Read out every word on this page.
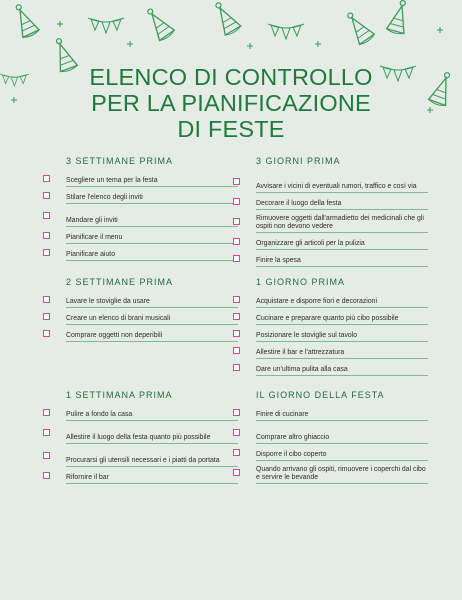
ELENCO DI CONTROLLO
PER LA PIANIFICAZIONE
DI FESTE
3 SETTIMANE PRIMA
Scegliere un tema per la festa
Stilare l'elenco degli inviti
Mandare gli inviti
Pianificare il menu
Pianificare aiuto
3 GIORNI PRIMA
Avvisare i vicini di eventuali rumori, traffico e così via
Decorare il luogo della festa
Rimuovere oggetti dall'armadietto dei medicinali che gli ospiti non devono vedere
Organizzare gli articoli per la pulizia
Finire la spesa
2 SETTIMANE PRIMA
Lavare le stoviglie da usare
Creare un elenco di brani musicali
Comprare oggetti non deperibili
1 GIORNO PRIMA
Acquistare e disporre fiori e decorazioni
Cucinare e preparare quanto più cibo possibile
Posizionare le stoviglie sul tavolo
Allestire il bar e l'attrezzatura
Dare un'ultima pulita alla casa
1 SETTIMANA PRIMA
Pulire a fondo la casa
Allestire il luogo della festa quanto più possibile
Procurarsi gli utensili necessari e i piatti da portata
Rifornire il bar
IL GIORNO DELLA FESTA
Finire di cucinare
Comprare altro ghiaccio
Disporre il cibo coperto
Quando arrivano gli ospiti, rimuovere i coperchi dal cibo e servire le bevande
